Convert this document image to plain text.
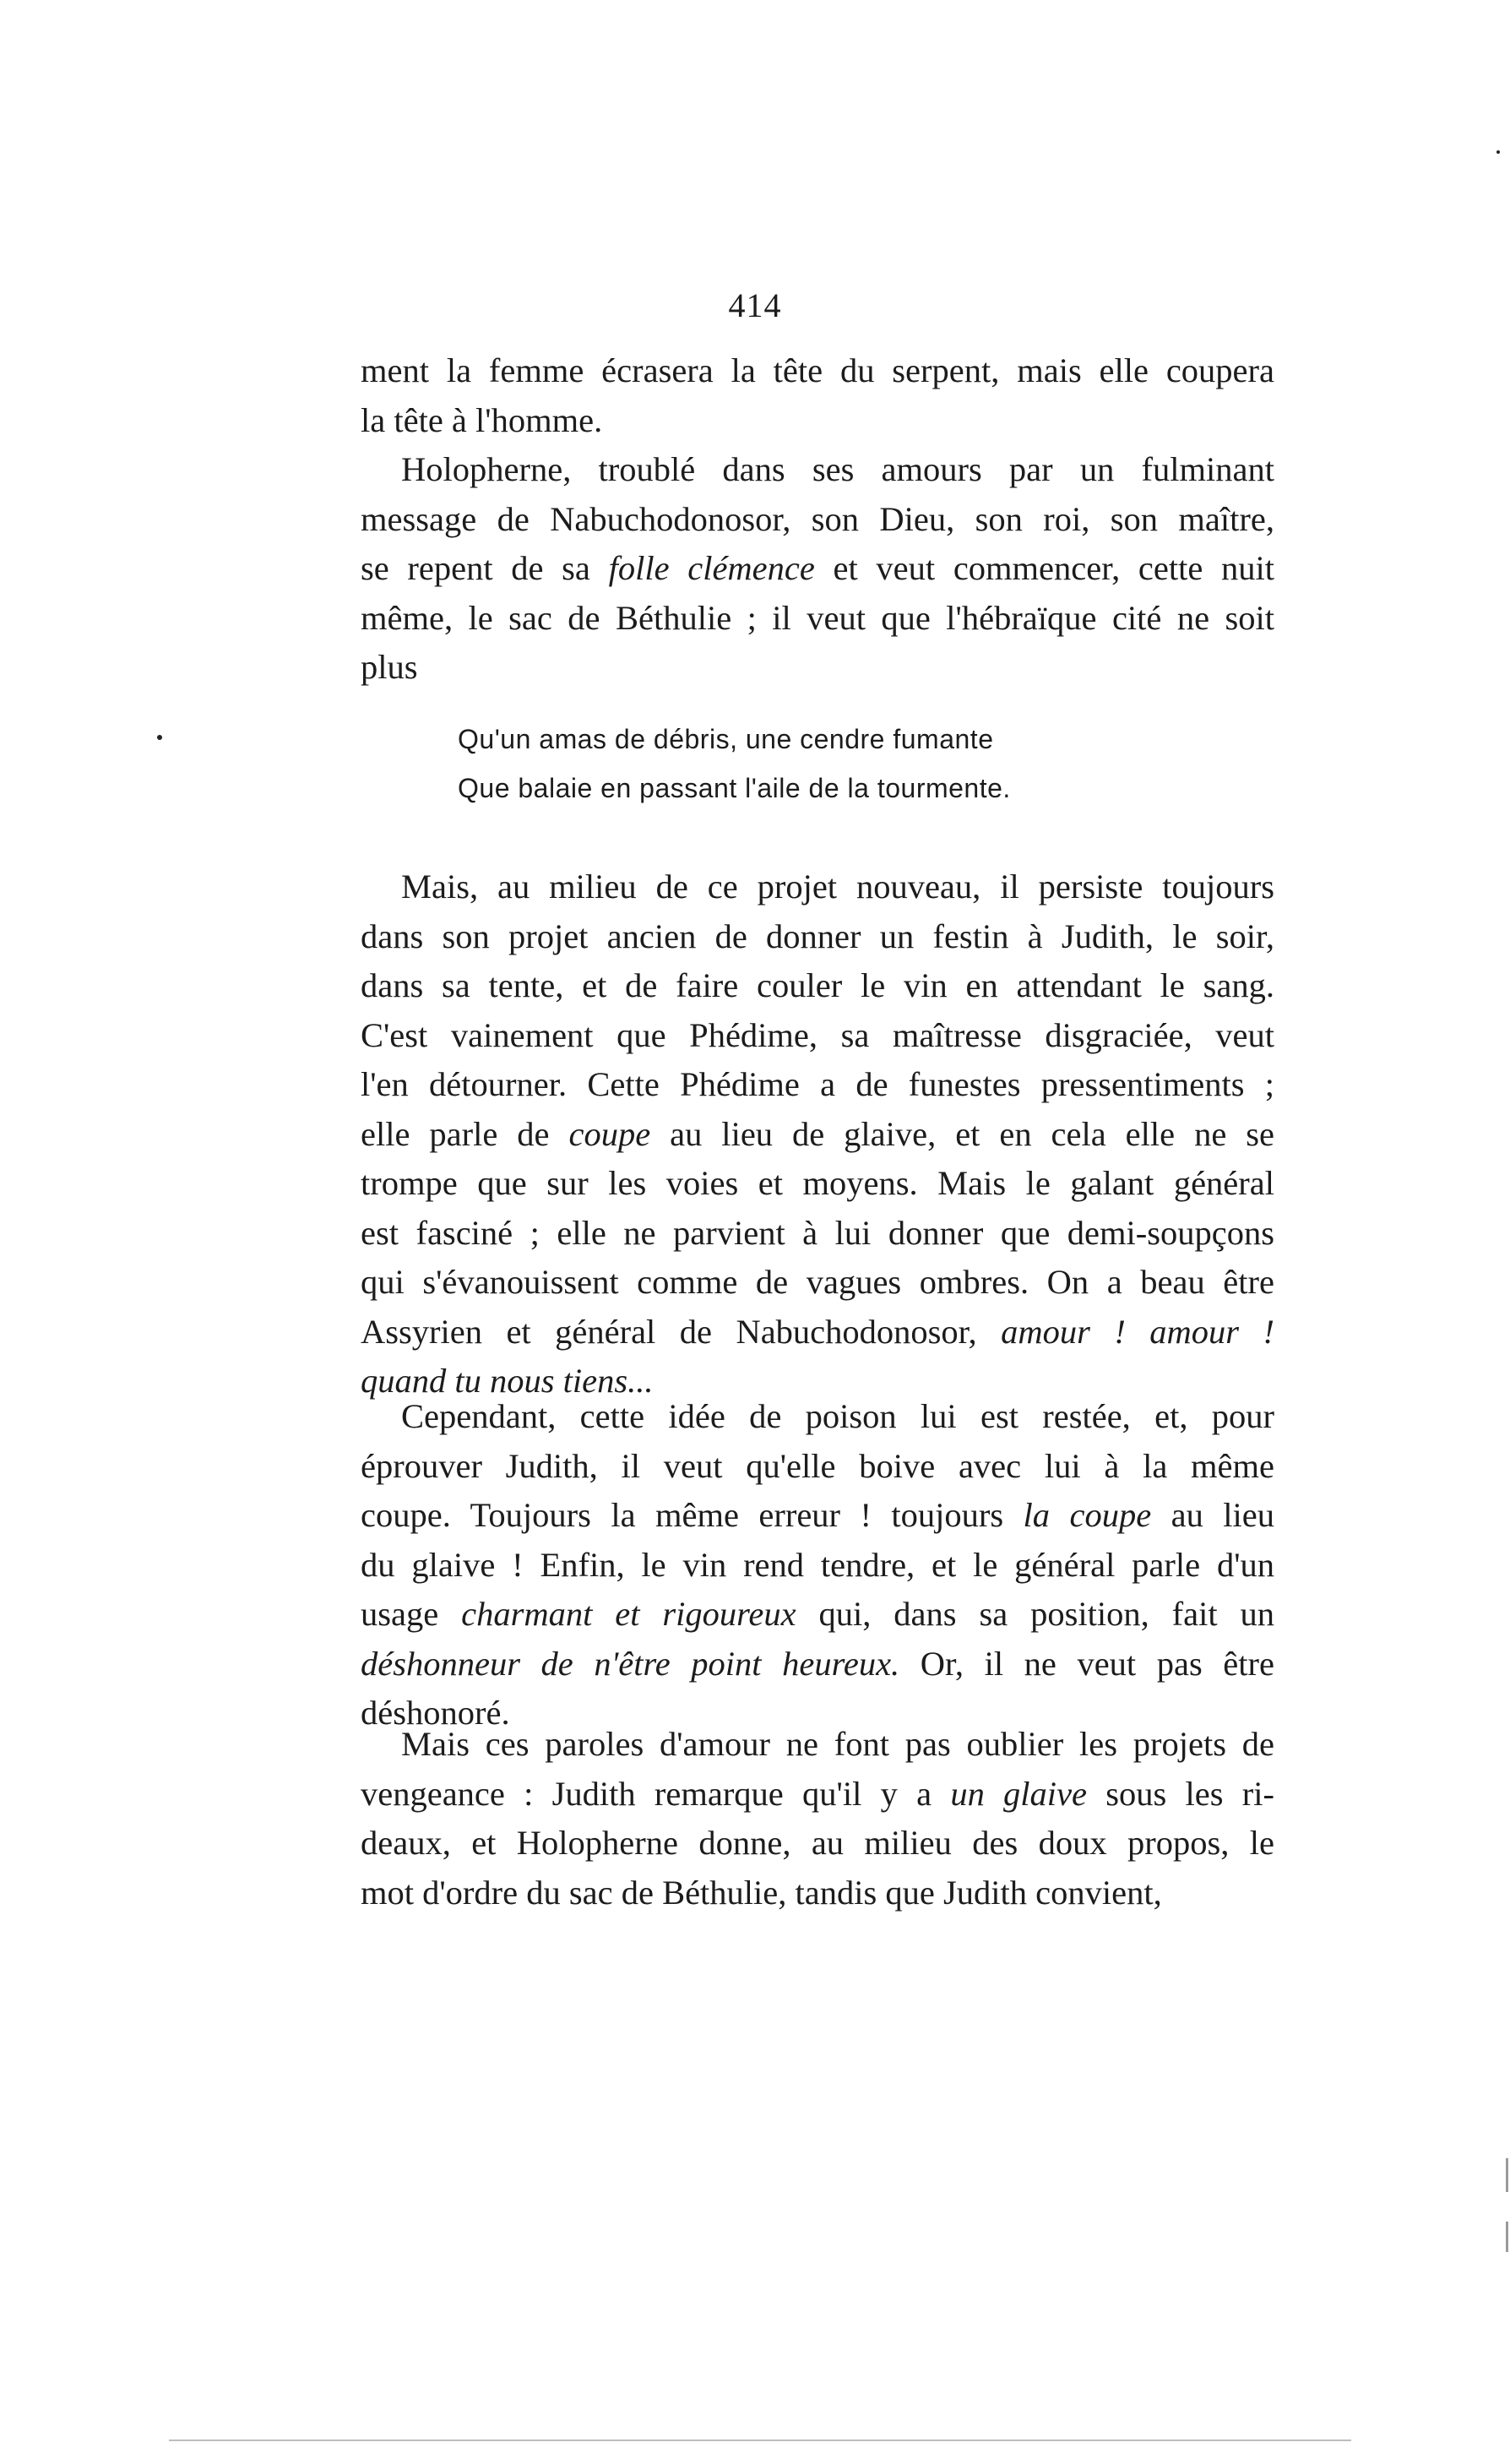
414
ment la femme écrasera la tête du serpent, mais elle coupera
la tête à l'homme.
Holopherne, troublé dans ses amours par un fulminant
message de Nabuchodonosor, son Dieu, son roi, son maître,
se repent de sa folle clémence et veut commencer, cette nuit
même, le sac de Béthulie ; il veut que l'hébraïque cité ne soit
plus
Qu'un amas de débris, une cendre fumante
Que balaie en passant l'aile de la tourmente.
Mais, au milieu de ce projet nouveau, il persiste toujours
dans son projet ancien de donner un festin à Judith, le soir,
dans sa tente, et de faire couler le vin en attendant le sang.
C'est vainement que Phédime, sa maîtresse disgraciée, veut
l'en détourner. Cette Phédime a de funestes pressentiments ;
elle parle de coupe au lieu de glaive, et en cela elle ne se
trompe que sur les voies et moyens. Mais le galant général
est fasciné ; elle ne parvient à lui donner que demi-soupçons
qui s'évanouissent comme de vagues ombres. On a beau être
Assyrien et général de Nabuchodonosor, amour ! amour !
quand tu nous tiens...
Cependant, cette idée de poison lui est restée, et, pour
éprouver Judith, il veut qu'elle boive avec lui à la même
coupe. Toujours la même erreur ! toujours la coupe au lieu
du glaive ! Enfin, le vin rend tendre, et le général parle d'un
usage charmant et rigoureux qui, dans sa position, fait un
déshonneur de n'être point heureux. Or, il ne veut pas être
déshonoré.
Mais ces paroles d'amour ne font pas oublier les projets de
vengeance : Judith remarque qu'il y a un glaive sous les ri-
deaux, et Holopherne donne, au milieu des doux propos, le
mot d'ordre du sac de Béthulie, tandis que Judith convient,
